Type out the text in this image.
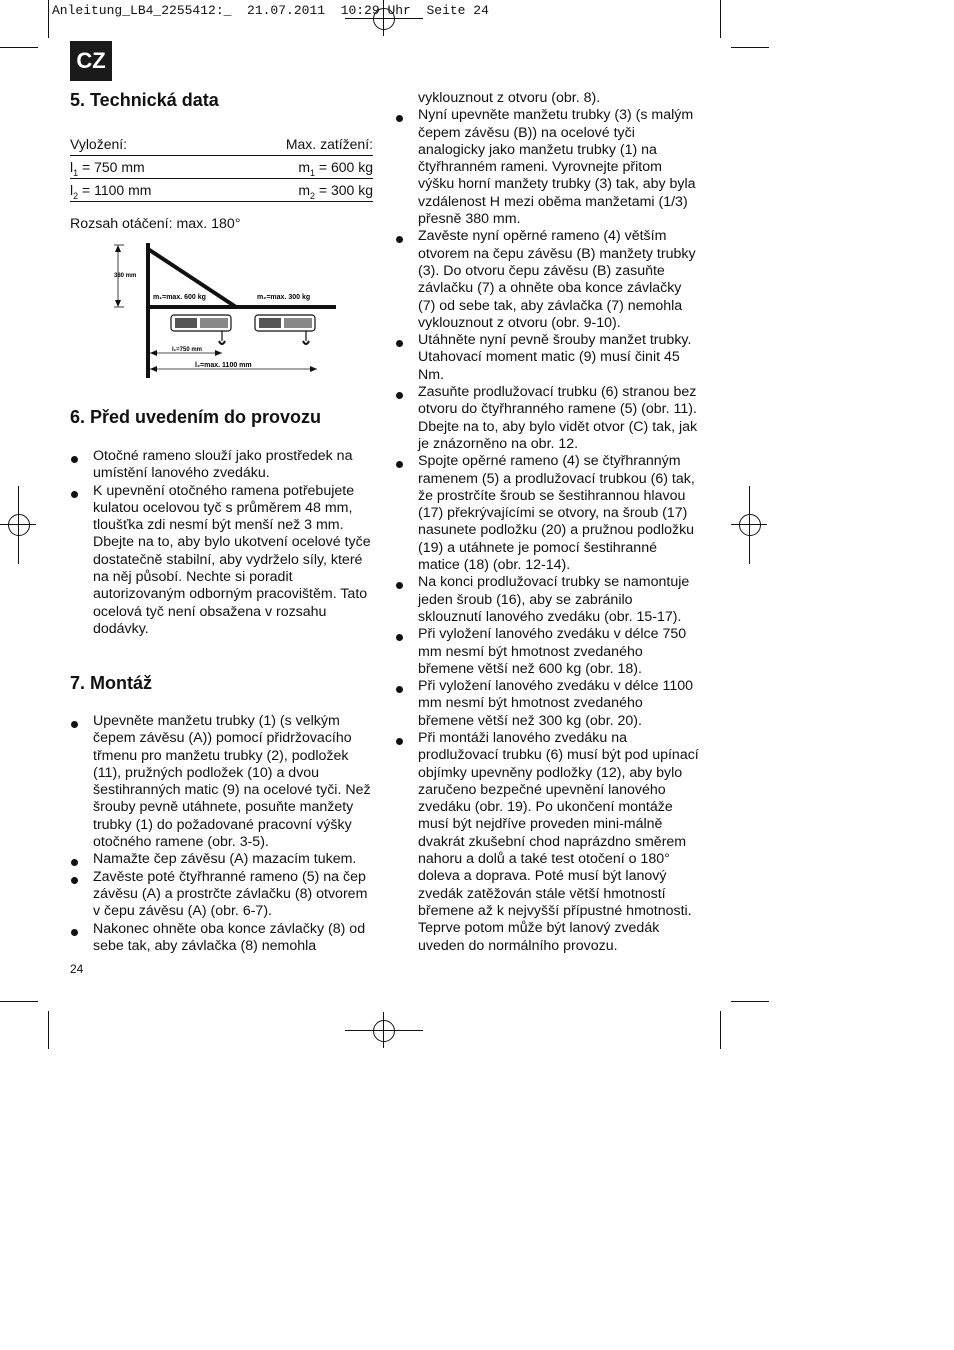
Anleitung_LB4_2255412:_  21.07.2011  10:29 Uhr  Seite 24
CZ
5. Technická data
Vyložení:	Max. zatížení:
$l_1 = 750$ mm	$m_1 = 600$ kg
$l_2 = 1100$ mm	$m_2 = 300$ kg
Rozsah otáčení: max. 180°
380 mm
m₁=max. 600 kg	m₂=max. 300 kg
l₁=750 mm
l₂=max. 1100 mm
6. Před uvedením do provozu
Otočné rameno slouží jako prostředek na umístění lanového zvedáku.
K upevnění otočného ramena potřebujete kulatou ocelovou tyč s průměrem 48 mm, tloušťka zdi nesmí být menší než 3 mm. Dbejte na to, aby bylo ukotvení ocelové tyče dostatečně stabilní, aby vydrželo síly, které na něj působí. Nechte si poradit autorizovaným odborným pracovištěm. Tato ocelová tyč není obsažena v rozsahu dodávky.
7. Montáž
Upevněte manžetu trubky (1) (s velkým čepem závěsu (A)) pomocí přidržovacího třmenu pro manžetu trubky (2), podložek (11), pružných podložek (10) a dvou šestihranných matic (9) na ocelové tyči. Než šrouby pevně utáhnete, posuňte manžety trubky (1) do požadované pracovní výšky otočného ramene (obr. 3-5).
Namažte čep závěsu (A) mazacím tukem.
Zavěste poté čtyřhranné rameno (5) na čep závěsu (A) a prostrčte závlačku (8) otvorem v čepu závěsu (A) (obr. 6-7).
Nakonec ohněte oba konce závlačky (8) od sebe tak, aby závlačka (8) nemohla
24
vyklouznout z otvoru (obr. 8).
Nyní upevněte manžetu trubky (3) (s malým čepem závěsu (B)) na ocelové tyči analogicky jako manžetu trubky (1) na čtyřhranném rameni. Vyrovnejte přitom výšku horní manžety trubky (3) tak, aby byla vzdálenost H mezi oběma manžetami (1/3) přesně 380 mm.
Zavěste nyní opěrné rameno (4) větším otvorem na čepu závěsu (B) manžety trubky (3). Do otvoru čepu závěsu (B) zasuňte závlačku (7) a ohněte oba konce závlačky (7) od sebe tak, aby závlačka (7) nemohla vyklouznout z otvoru (obr. 9-10).
Utáhněte nyní pevně šrouby manžet trubky. Utahovací moment matic (9) musí činit 45 Nm.
Zasuňte prodlužovací trubku (6) stranou bez otvoru do čtyřhranného ramene (5) (obr. 11). Dbejte na to, aby bylo vidět otvor (C) tak, jak je znázorněno na obr. 12.
Spojte opěrné rameno (4) se čtyřhranným ramenem (5) a prodlužovací trubkou (6) tak, že prostrčíte šroub se šestihrannou hlavou (17) překrývajícími se otvory, na šroub (17) nasunete podložku (20) a pružnou podložku (19) a utáhnete je pomocí šestihranné matice (18) (obr. 12-14).
Na konci prodlužovací trubky se namontuje jeden šroub (16), aby se zabránilo sklouznutí lanového zvedáku (obr. 15-17).
Při vyložení lanového zvedáku v délce 750 mm nesmí být hmotnost zvedaného břemene větší než 600 kg (obr. 18).
Při vyložení lanového zvedáku v délce 1100 mm nesmí být hmotnost zvedaného břemene větší než 300 kg (obr. 20).
Při montáži lanového zvedáku na prodlužovací trubku (6) musí být pod upínací objímky upevněny podložky (12), aby bylo zaručeno bezpečné upevnění lanového zvedáku (obr. 19). Po ukončení montáže musí být nejdříve proveden mini-málně dvakrát zkušební chod naprázdno směrem nahoru a dolů a také test otočení o 180° doleva a doprava. Poté musí být lanový zvedák zatěžován stále větší hmotností břemene až k nejvyšší přípustné hmotnosti. Teprve potom může být lanový zvedák uveden do normálního provozu.
